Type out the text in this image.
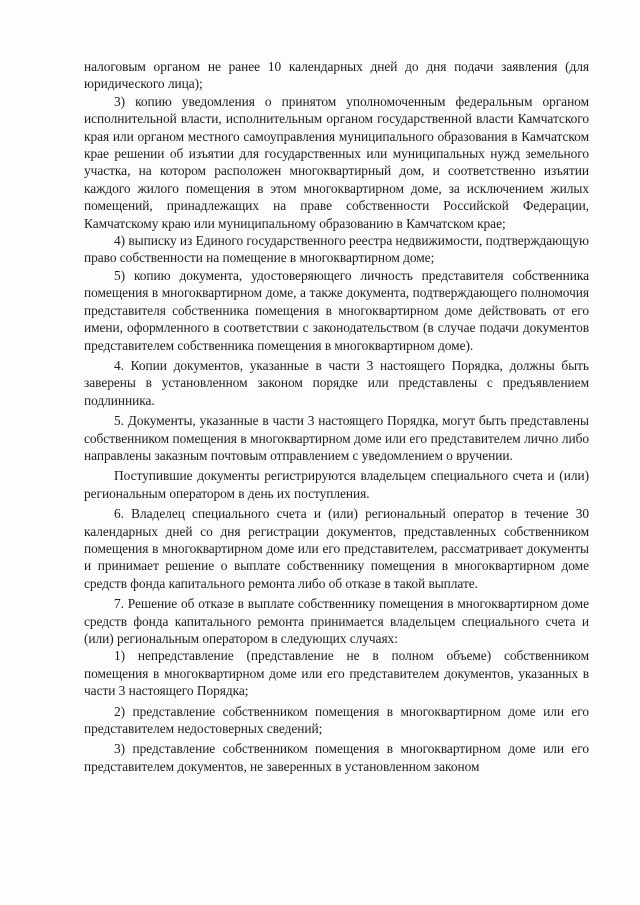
налоговым органом не ранее 10 календарных дней до дня подачи заявления (для юридического лица);

3) копию уведомления о принятом уполномоченным федеральным органом исполнительной власти, исполнительным органом государственной власти Камчатского края или органом местного самоуправления муниципального образования в Камчатском крае решении об изъятии для государственных или муниципальных нужд земельного участка, на котором расположен многоквартирный дом, и соответственно изъятии каждого жилого помещения в этом многоквартирном доме, за исключением жилых помещений, принадлежащих на праве собственности Российской Федерации, Камчатскому краю или муниципальному образованию в Камчатском крае;

4) выписку из Единого государственного реестра недвижимости, подтверждающую право собственности на помещение в многоквартирном доме;

5) копию документа, удостоверяющего личность представителя собственника помещения в многоквартирном доме, а также документа, подтверждающего полномочия представителя собственника помещения в многоквартирном доме действовать от его имени, оформленного в соответствии с законодательством (в случае подачи документов представителем собственника помещения в многоквартирном доме).

4. Копии документов, указанные в части 3 настоящего Порядка, должны быть заверены в установленном законом порядке или представлены с предъявлением подлинника.

5. Документы, указанные в части 3 настоящего Порядка, могут быть представлены собственником помещения в многоквартирном доме или его представителем лично либо направлены заказным почтовым отправлением с уведомлением о вручении.

Поступившие документы регистрируются владельцем специального счета и (или) региональным оператором в день их поступления.

6. Владелец специального счета и (или) региональный оператор в течение 30 календарных дней со дня регистрации документов, представленных собственником помещения в многоквартирном доме или его представителем, рассматривает документы и принимает решение о выплате собственнику помещения в многоквартирном доме средств фонда капитального ремонта либо об отказе в такой выплате.

7. Решение об отказе в выплате собственнику помещения в многоквартирном доме средств фонда капитального ремонта принимается владельцем специального счета и (или) региональным оператором в следующих случаях:

1) непредставление (представление не в полном объеме) собственником помещения в многоквартирном доме или его представителем документов, указанных в части 3 настоящего Порядка;

2) представление собственником помещения в многоквартирном доме или его представителем недостоверных сведений;

3) представление собственником помещения в многоквартирном доме или его представителем документов, не заверенных в установленном законом
